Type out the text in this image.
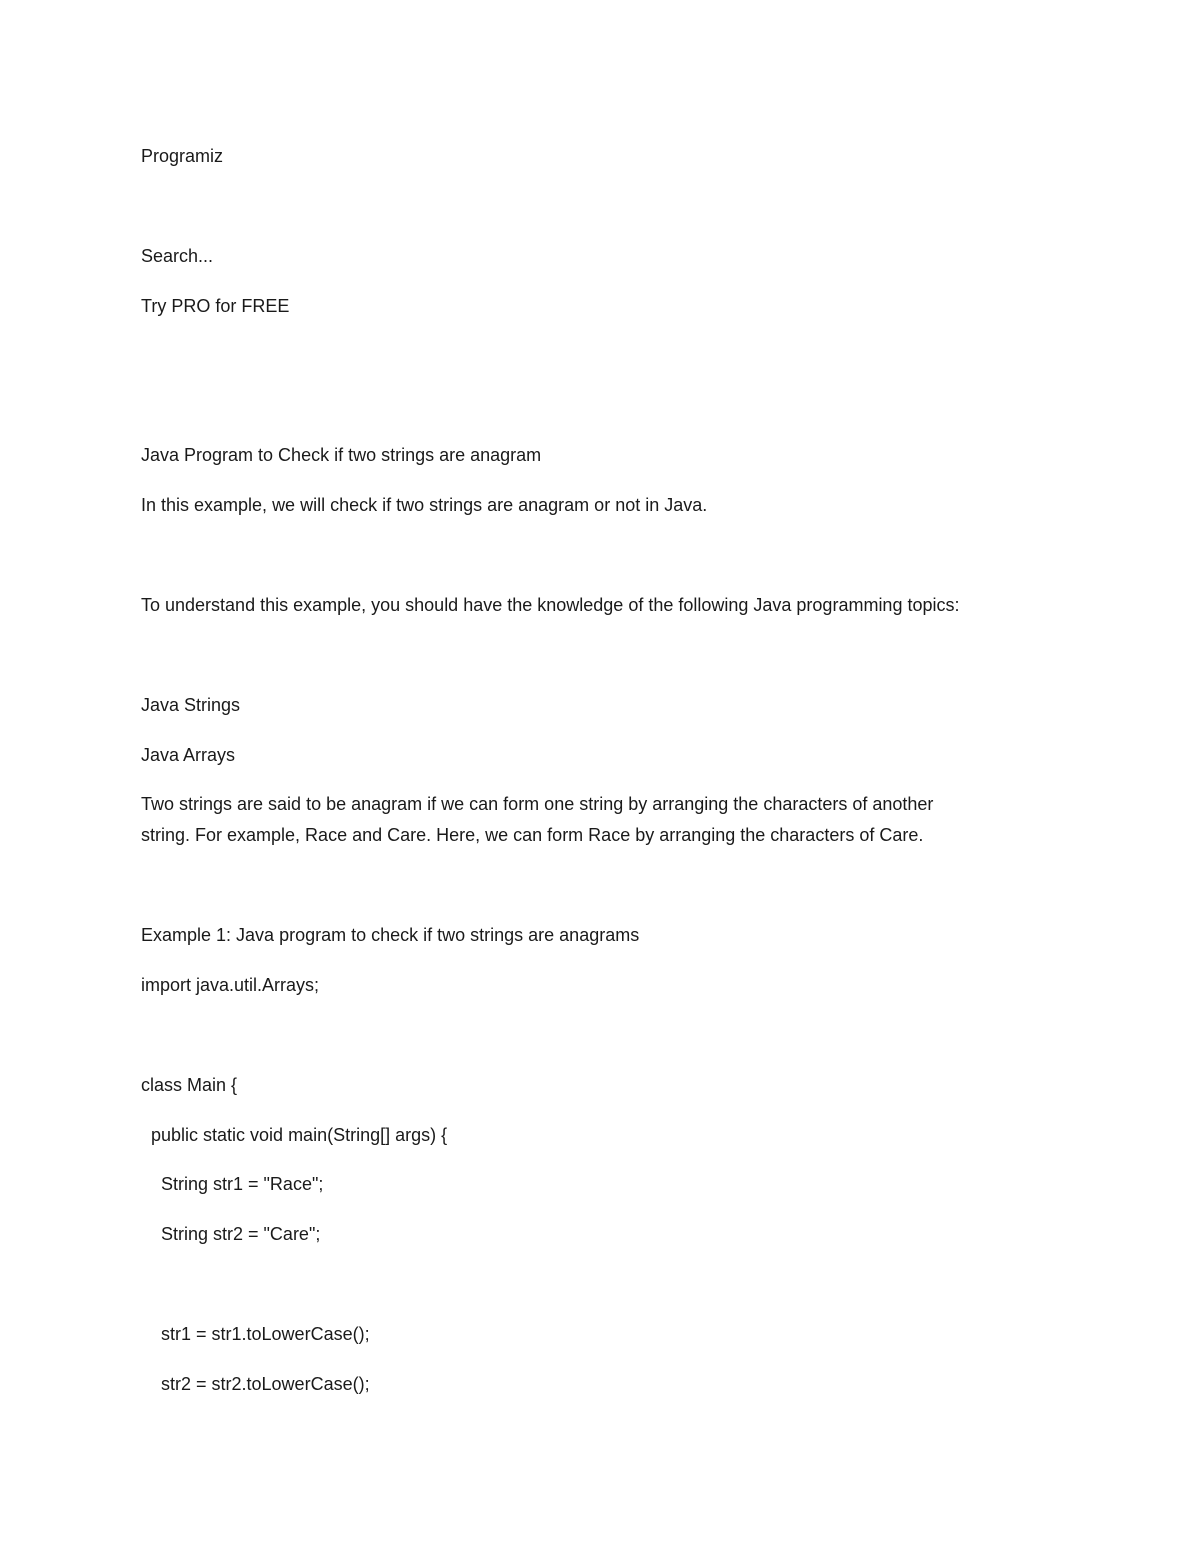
Programiz
Search...
Try PRO for FREE
Java Program to Check if two strings are anagram
In this example, we will check if two strings are anagram or not in Java.
To understand this example, you should have the knowledge of the following Java programming topics:
Java Strings
Java Arrays
Two strings are said to be anagram if we can form one string by arranging the characters of another
string. For example, Race and Care. Here, we can form Race by arranging the characters of Care.
Example 1: Java program to check if two strings are anagrams
import java.util.Arrays;
class Main {
public static void main(String[] args) {
String str1 = "Race";
String str2 = "Care";
str1 = str1.toLowerCase();
str2 = str2.toLowerCase();
